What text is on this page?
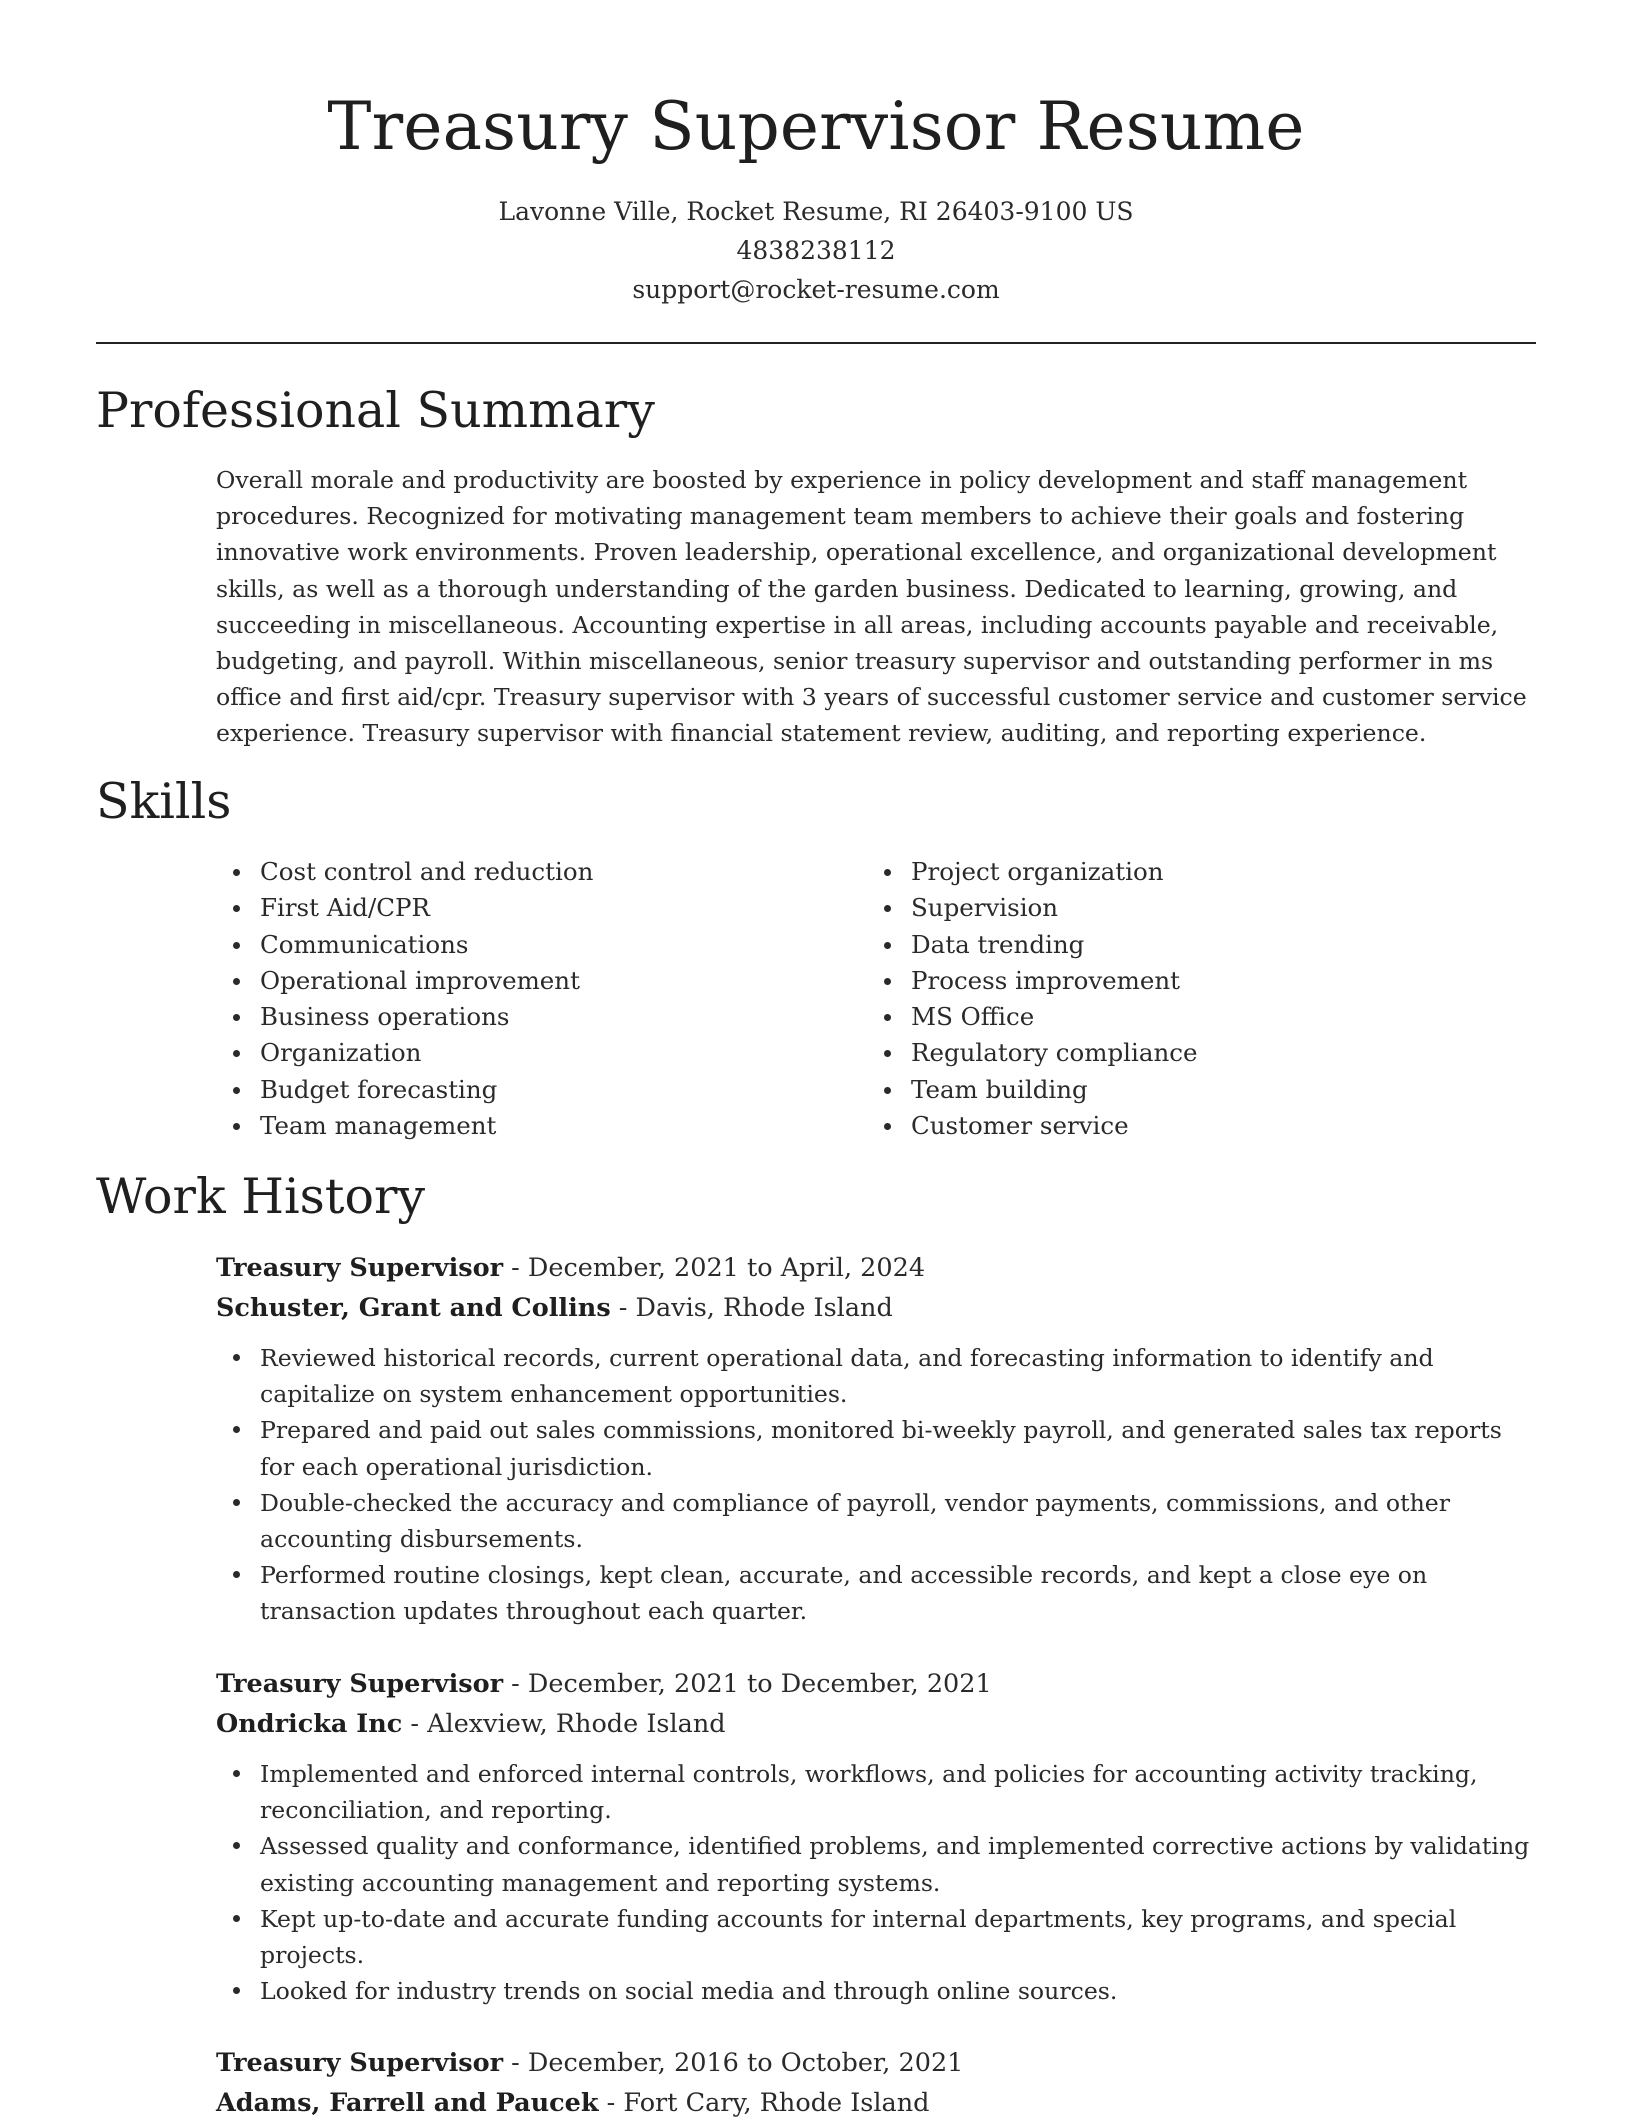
Treasury Supervisor Resume
Lavonne Ville, Rocket Resume, RI 26403-9100 US
4838238112
support@rocket-resume.com
Professional Summary

Overall morale and productivity are boosted by experience in policy development and staff management procedures. Recognized for motivating management team members to achieve their goals and fostering innovative work environments. Proven leadership, operational excellence, and organizational development skills, as well as a thorough understanding of the garden business. Dedicated to learning, growing, and succeeding in miscellaneous. Accounting expertise in all areas, including accounts payable and receivable, budgeting, and payroll. Within miscellaneous, senior treasury supervisor and outstanding performer in ms office and first aid/cpr. Treasury supervisor with 3 years of successful customer service and customer service experience. Treasury supervisor with financial statement review, auditing, and reporting experience.

Skills
Cost control and reduction
First Aid/CPR
Communications
Operational improvement
Business operations
Organization
Budget forecasting
Team management
Project organization
Supervision
Data trending
Process improvement
MS Office
Regulatory compliance
Team building
Customer service
Work History
Treasury Supervisor - December, 2021 to April, 2024
Schuster, Grant and Collins - Davis, Rhode Island
Reviewed historical records, current operational data, and forecasting information to identify and capitalize on system enhancement opportunities.
Prepared and paid out sales commissions, monitored bi-weekly payroll, and generated sales tax reports for each operational jurisdiction.
Double-checked the accuracy and compliance of payroll, vendor payments, commissions, and other accounting disbursements.
Performed routine closings, kept clean, accurate, and accessible records, and kept a close eye on transaction updates throughout each quarter.
Treasury Supervisor - December, 2021 to December, 2021
Ondricka Inc - Alexview, Rhode Island
Implemented and enforced internal controls, workflows, and policies for accounting activity tracking, reconciliation, and reporting.
Assessed quality and conformance, identified problems, and implemented corrective actions by validating existing accounting management and reporting systems.
Kept up-to-date and accurate funding accounts for internal departments, key programs, and special projects.
Looked for industry trends on social media and through online sources.
Treasury Supervisor - December, 2016 to October, 2021
Adams, Farrell and Paucek - Fort Cary, Rhode Island
